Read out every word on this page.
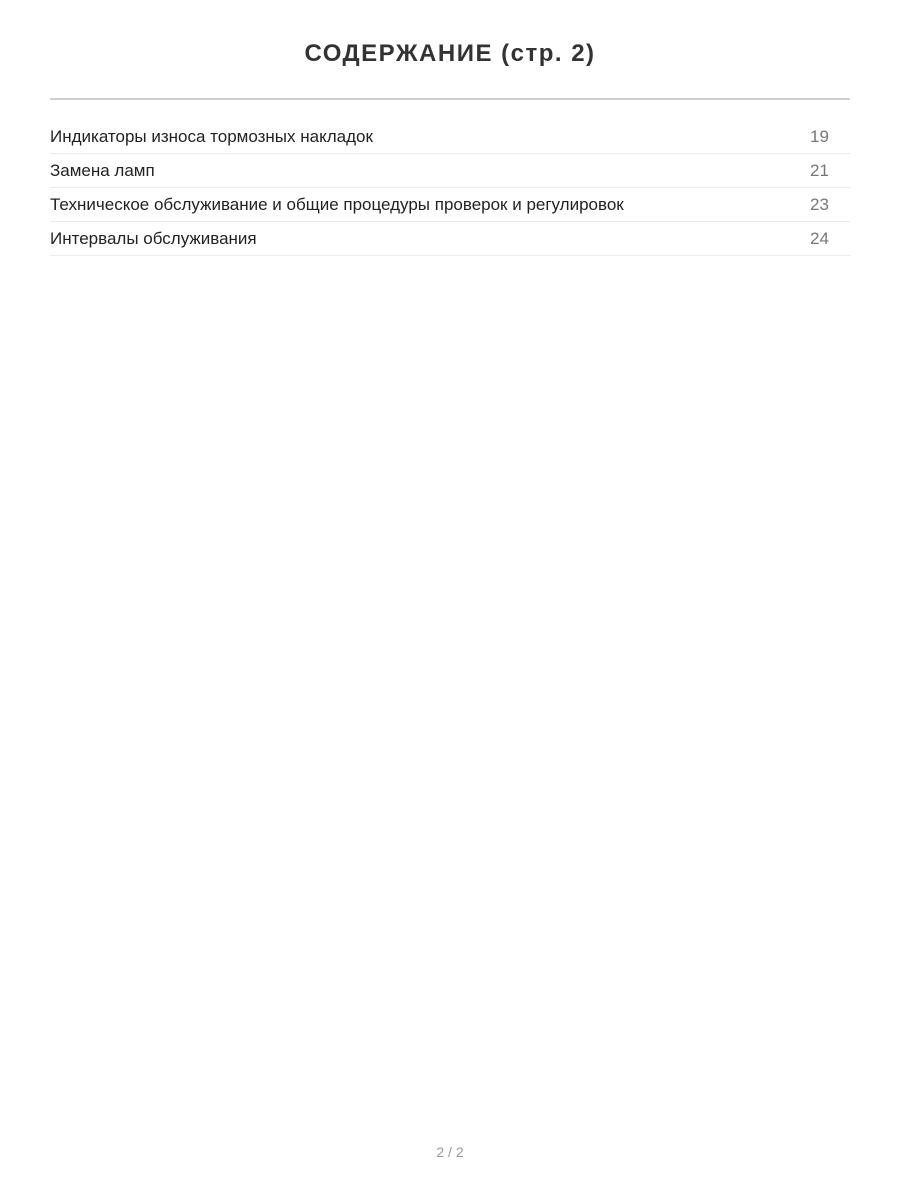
СОДЕРЖАНИЕ (стр. 2)
Индикаторы износа тормозных накладок	19
Замена ламп	21
Техническое обслуживание и общие процедуры проверок и регулировок	23
Интервалы обслуживания	24
2 / 2
